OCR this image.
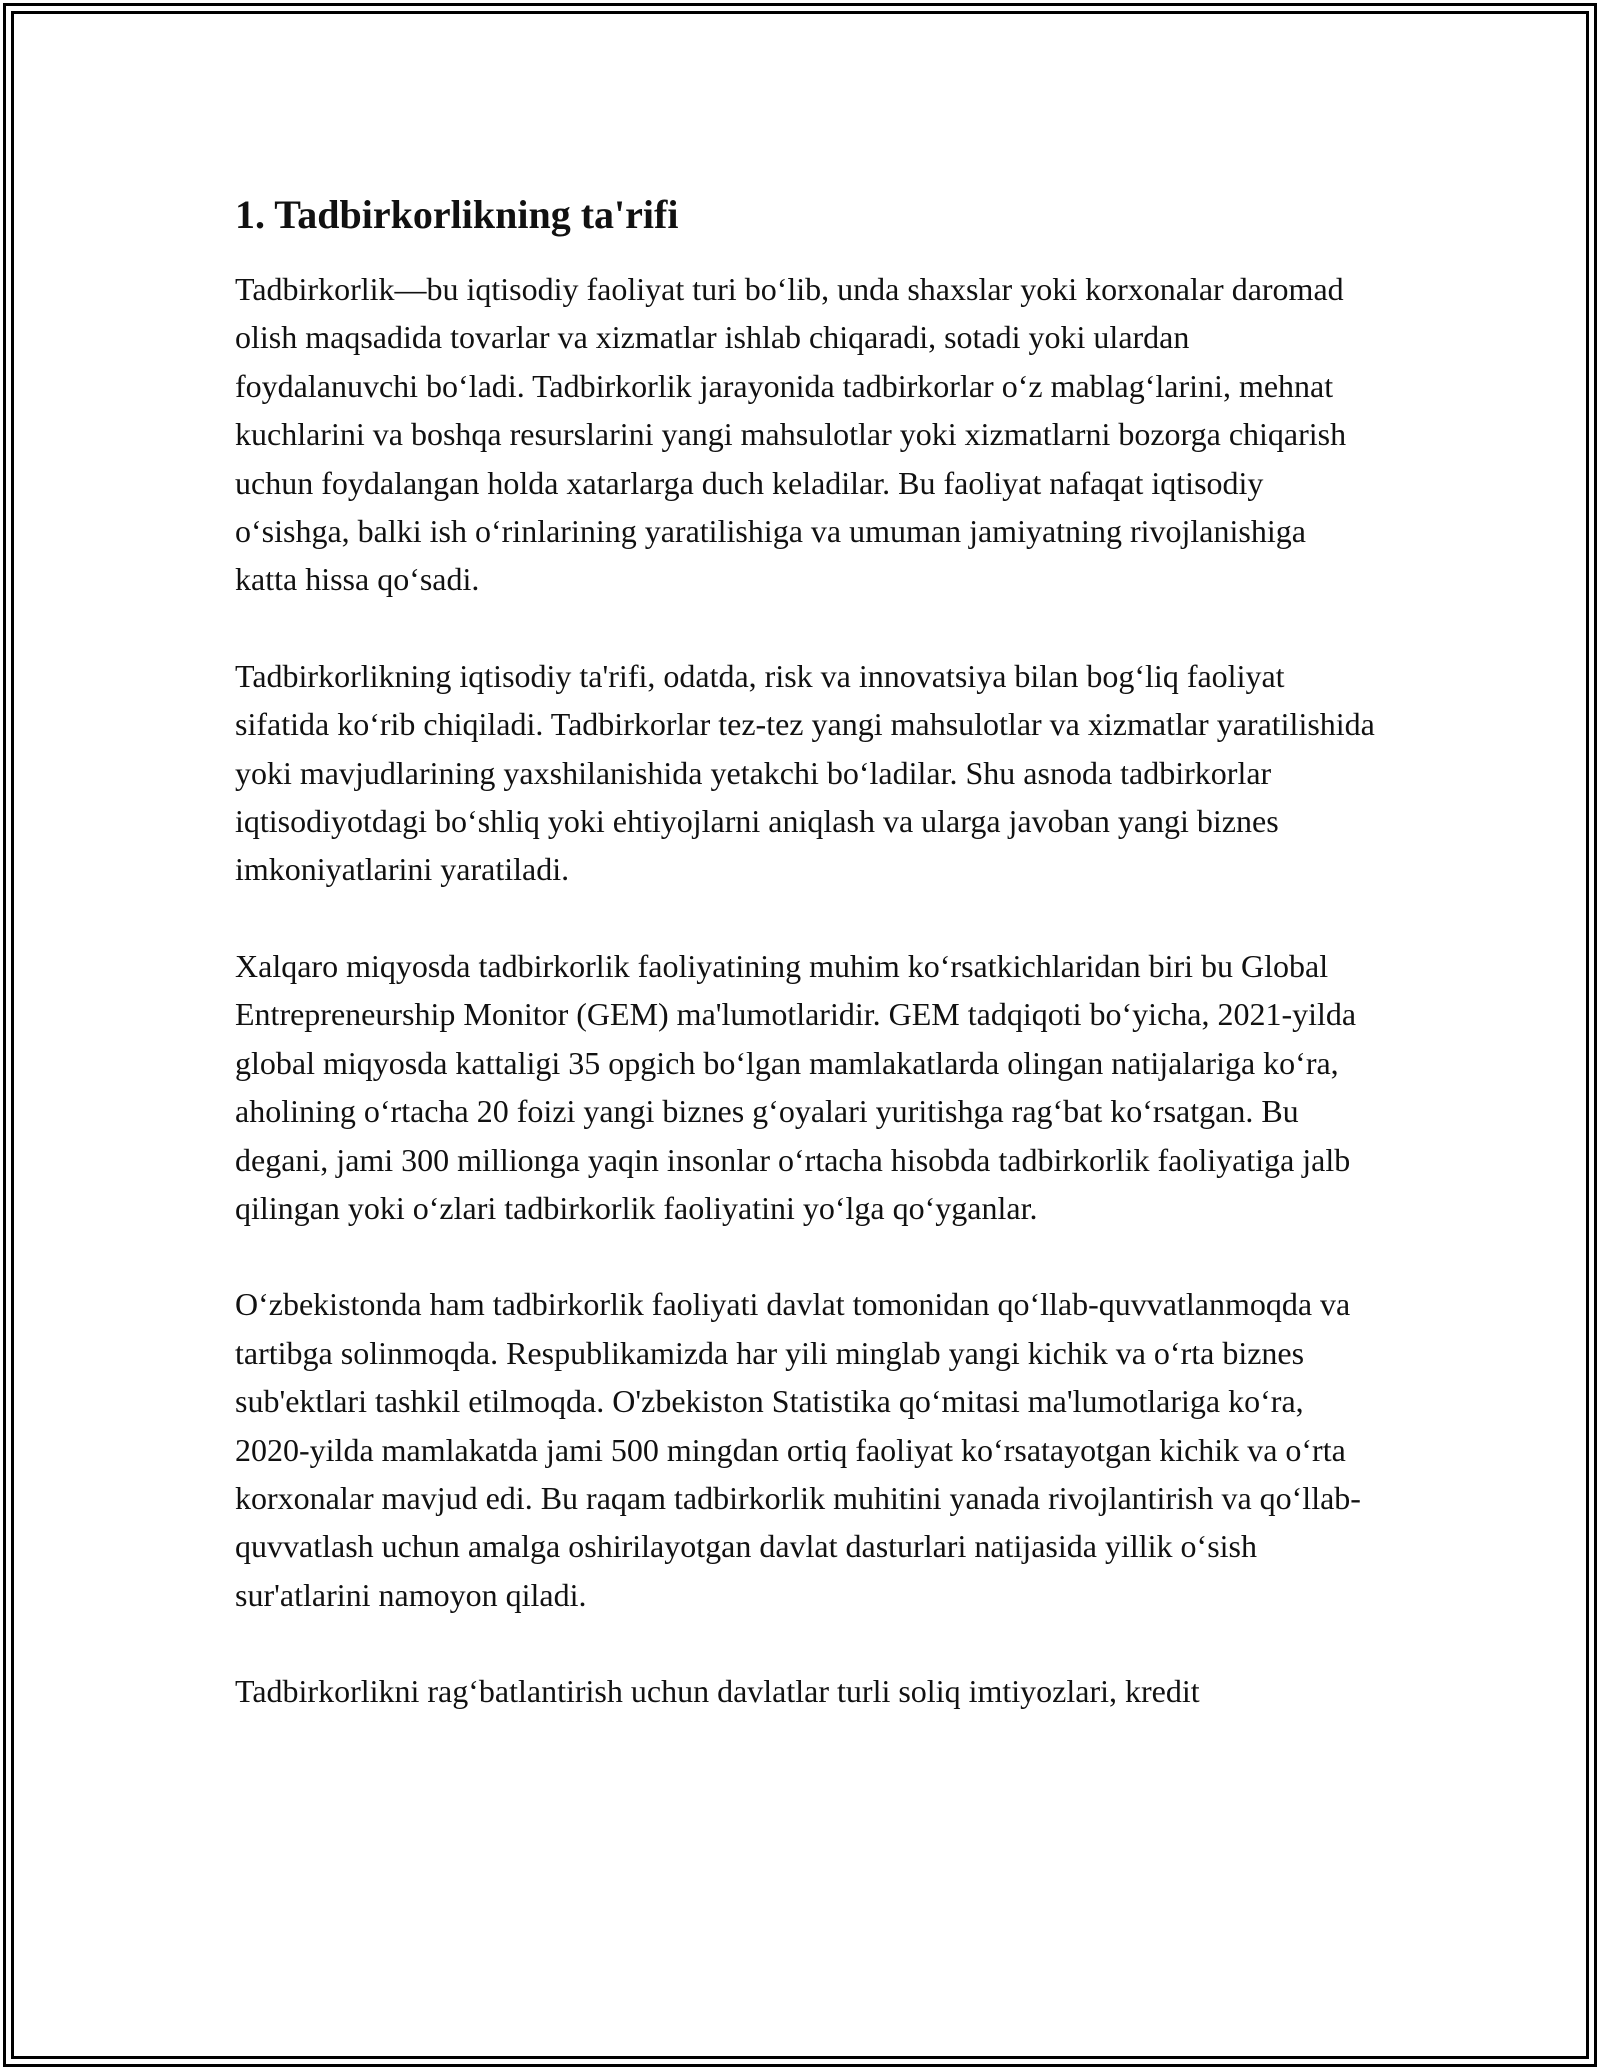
1. Tadbirkorlikning ta'rifi

Tadbirkorlik—bu iqtisodiy faoliyat turi bo‘lib, unda shaxslar yoki korxonalar daromad olish maqsadida tovarlar va xizmatlar ishlab chiqaradi, sotadi yoki ulardan foydalanuvchi bo‘ladi. Tadbirkorlik jarayonida tadbirkorlar o‘z mablag‘larini, mehnat kuchlarini va boshqa resurslarini yangi mahsulotlar yoki xizmatlarni bozorga chiqarish uchun foydalangan holda xatarlarga duch keladilar. Bu faoliyat nafaqat iqtisodiy o‘sishga, balki ish o‘rinlarining yaratilishiga va umuman jamiyatning rivojlanishiga katta hissa qo‘sadi.

Tadbirkorlikning iqtisodiy ta'rifi, odatda, risk va innovatsiya bilan bog‘liq faoliyat sifatida ko‘rib chiqiladi. Tadbirkorlar tez-tez yangi mahsulotlar va xizmatlar yaratilishida yoki mavjudlarining yaxshilanishida yetakchi bo‘ladilar. Shu asnoda tadbirkorlar iqtisodiyotdagi bo‘shliq yoki ehtiyojlarni aniqlash va ularga javoban yangi biznes imkoniyatlarini yaratiladi.

Xalqaro miqyosda tadbirkorlik faoliyatining muhim ko‘rsatkichlaridan biri bu Global Entrepreneurship Monitor (GEM) ma'lumotlaridir. GEM tadqiqoti bo‘yicha, 2021-yilda global miqyosda kattaligi 35 opgich bo‘lgan mamlakatlarda olingan natijalariga ko‘ra, aholining o‘rtacha 20 foizi yangi biznes g‘oyalari yuritishga rag‘bat ko‘rsatgan. Bu degani, jami 300 millionga yaqin insonlar o‘rtacha hisobda tadbirkorlik faoliyatiga jalb qilingan yoki o‘zlari tadbirkorlik faoliyatini yo‘lga qo‘yganlar.

O‘zbekistonda ham tadbirkorlik faoliyati davlat tomonidan qo‘llab-quvvatlanmoqda va tartibga solinmoqda. Respublikamizda har yili minglab yangi kichik va o‘rta biznes sub'ektlari tashkil etilmoqda. O'zbekiston Statistika qo‘mitasi ma'lumotlariga ko‘ra, 2020-yilda mamlakatda jami 500 mingdan ortiq faoliyat ko‘rsatayotgan kichik va o‘rta korxonalar mavjud edi. Bu raqam tadbirkorlik muhitini yanada rivojlantirish va qo‘llab-quvvatlash uchun amalga oshirilayotgan davlat dasturlari natijasida yillik o‘sish sur'atlarini namoyon qiladi.

Tadbirkorlikni rag‘batlantirish uchun davlatlar turli soliq imtiyozlari, kredit
